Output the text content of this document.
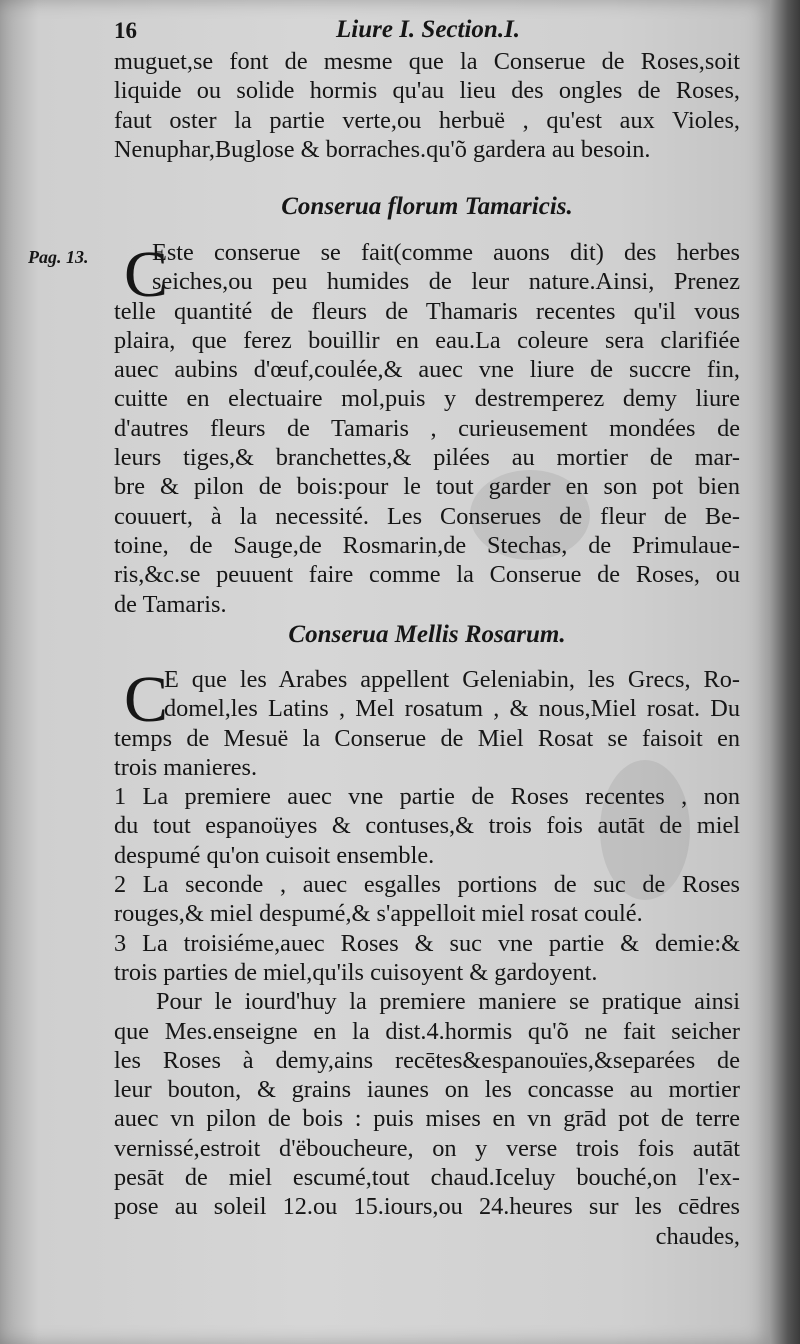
16	Liure I. Section.I.
muguet,se font de mesme que la Conserue de Roses,soit
liquide ou solide hormis qu'au lieu des ongles de Roses,
faut oster la partie verte,ou herbuë , qu'est aux Violes,
Nenuphar,Buglose & borraches.qu'õ gardera au besoin.
Conserua florum Tamaricis.
Pag. 13. C
Este conserue se fait(comme auons dit) des herbes
seiches,ou peu humides de leur nature.Ainsi, Prenez
telle quantité de fleurs de Thamaris recentes qu'il vous
plaira, que ferez bouillir en eau.La coleure sera clarifiée
auec aubins d'œuf,coulée,& auec vne liure de succre fin,
cuitte en electuaire mol,puis y destremperez demy liure
d'autres fleurs de Tamaris , curieusement mondées de
leurs tiges,& branchettes,& pilées au mortier de mar-
bre & pilon de bois:pour le tout garder en son pot bien
couuert, à la necessité. Les Conserues de fleur de Be-
toine, de Sauge,de Rosmarin,de Stechas, de Primulaue-
ris,&c.se peuuent faire comme la Conserue de Roses, ou
de Tamaris.
Conserua Mellis Rosarum.
C
E que les Arabes appellent Geleniabin, les Grecs, Ro-
domel,les Latins , Mel rosatum , & nous,Miel rosat. Du
temps de Mesuë la Conserue de Miel Rosat se faisoit en
trois manieres.
1 La premiere auec vne partie de Roses recentes , non
du tout espanoüyes & contuses,& trois fois autāt de miel
despumé qu'on cuisoit ensemble.
2 La seconde , auec esgalles portions de suc de Roses
rouges,& miel despumé,& s'appelloit miel rosat coulé.
3 La troisiéme,auec Roses & suc vne partie & demie:&
trois parties de miel,qu'ils cuisoyent & gardoyent.
Pour le iourd'huy la premiere maniere se pratique ainsi
que Mes.enseigne en la dist.4.hormis qu'õ ne fait seicher
les Roses à demy,ains recētes&espanouïes,&separées de
leur bouton, & grains iaunes on les concasse au mortier
auec vn pilon de bois : puis mises en vn grād pot de terre
vernissé,estroit d'ëboucheure, on y verse trois fois autāt
pesāt de miel escumé,tout chaud.Iceluy bouché,on l'ex-
pose au soleil 12.ou 15.iours,ou 24.heures sur les cēdres
chaudes,
